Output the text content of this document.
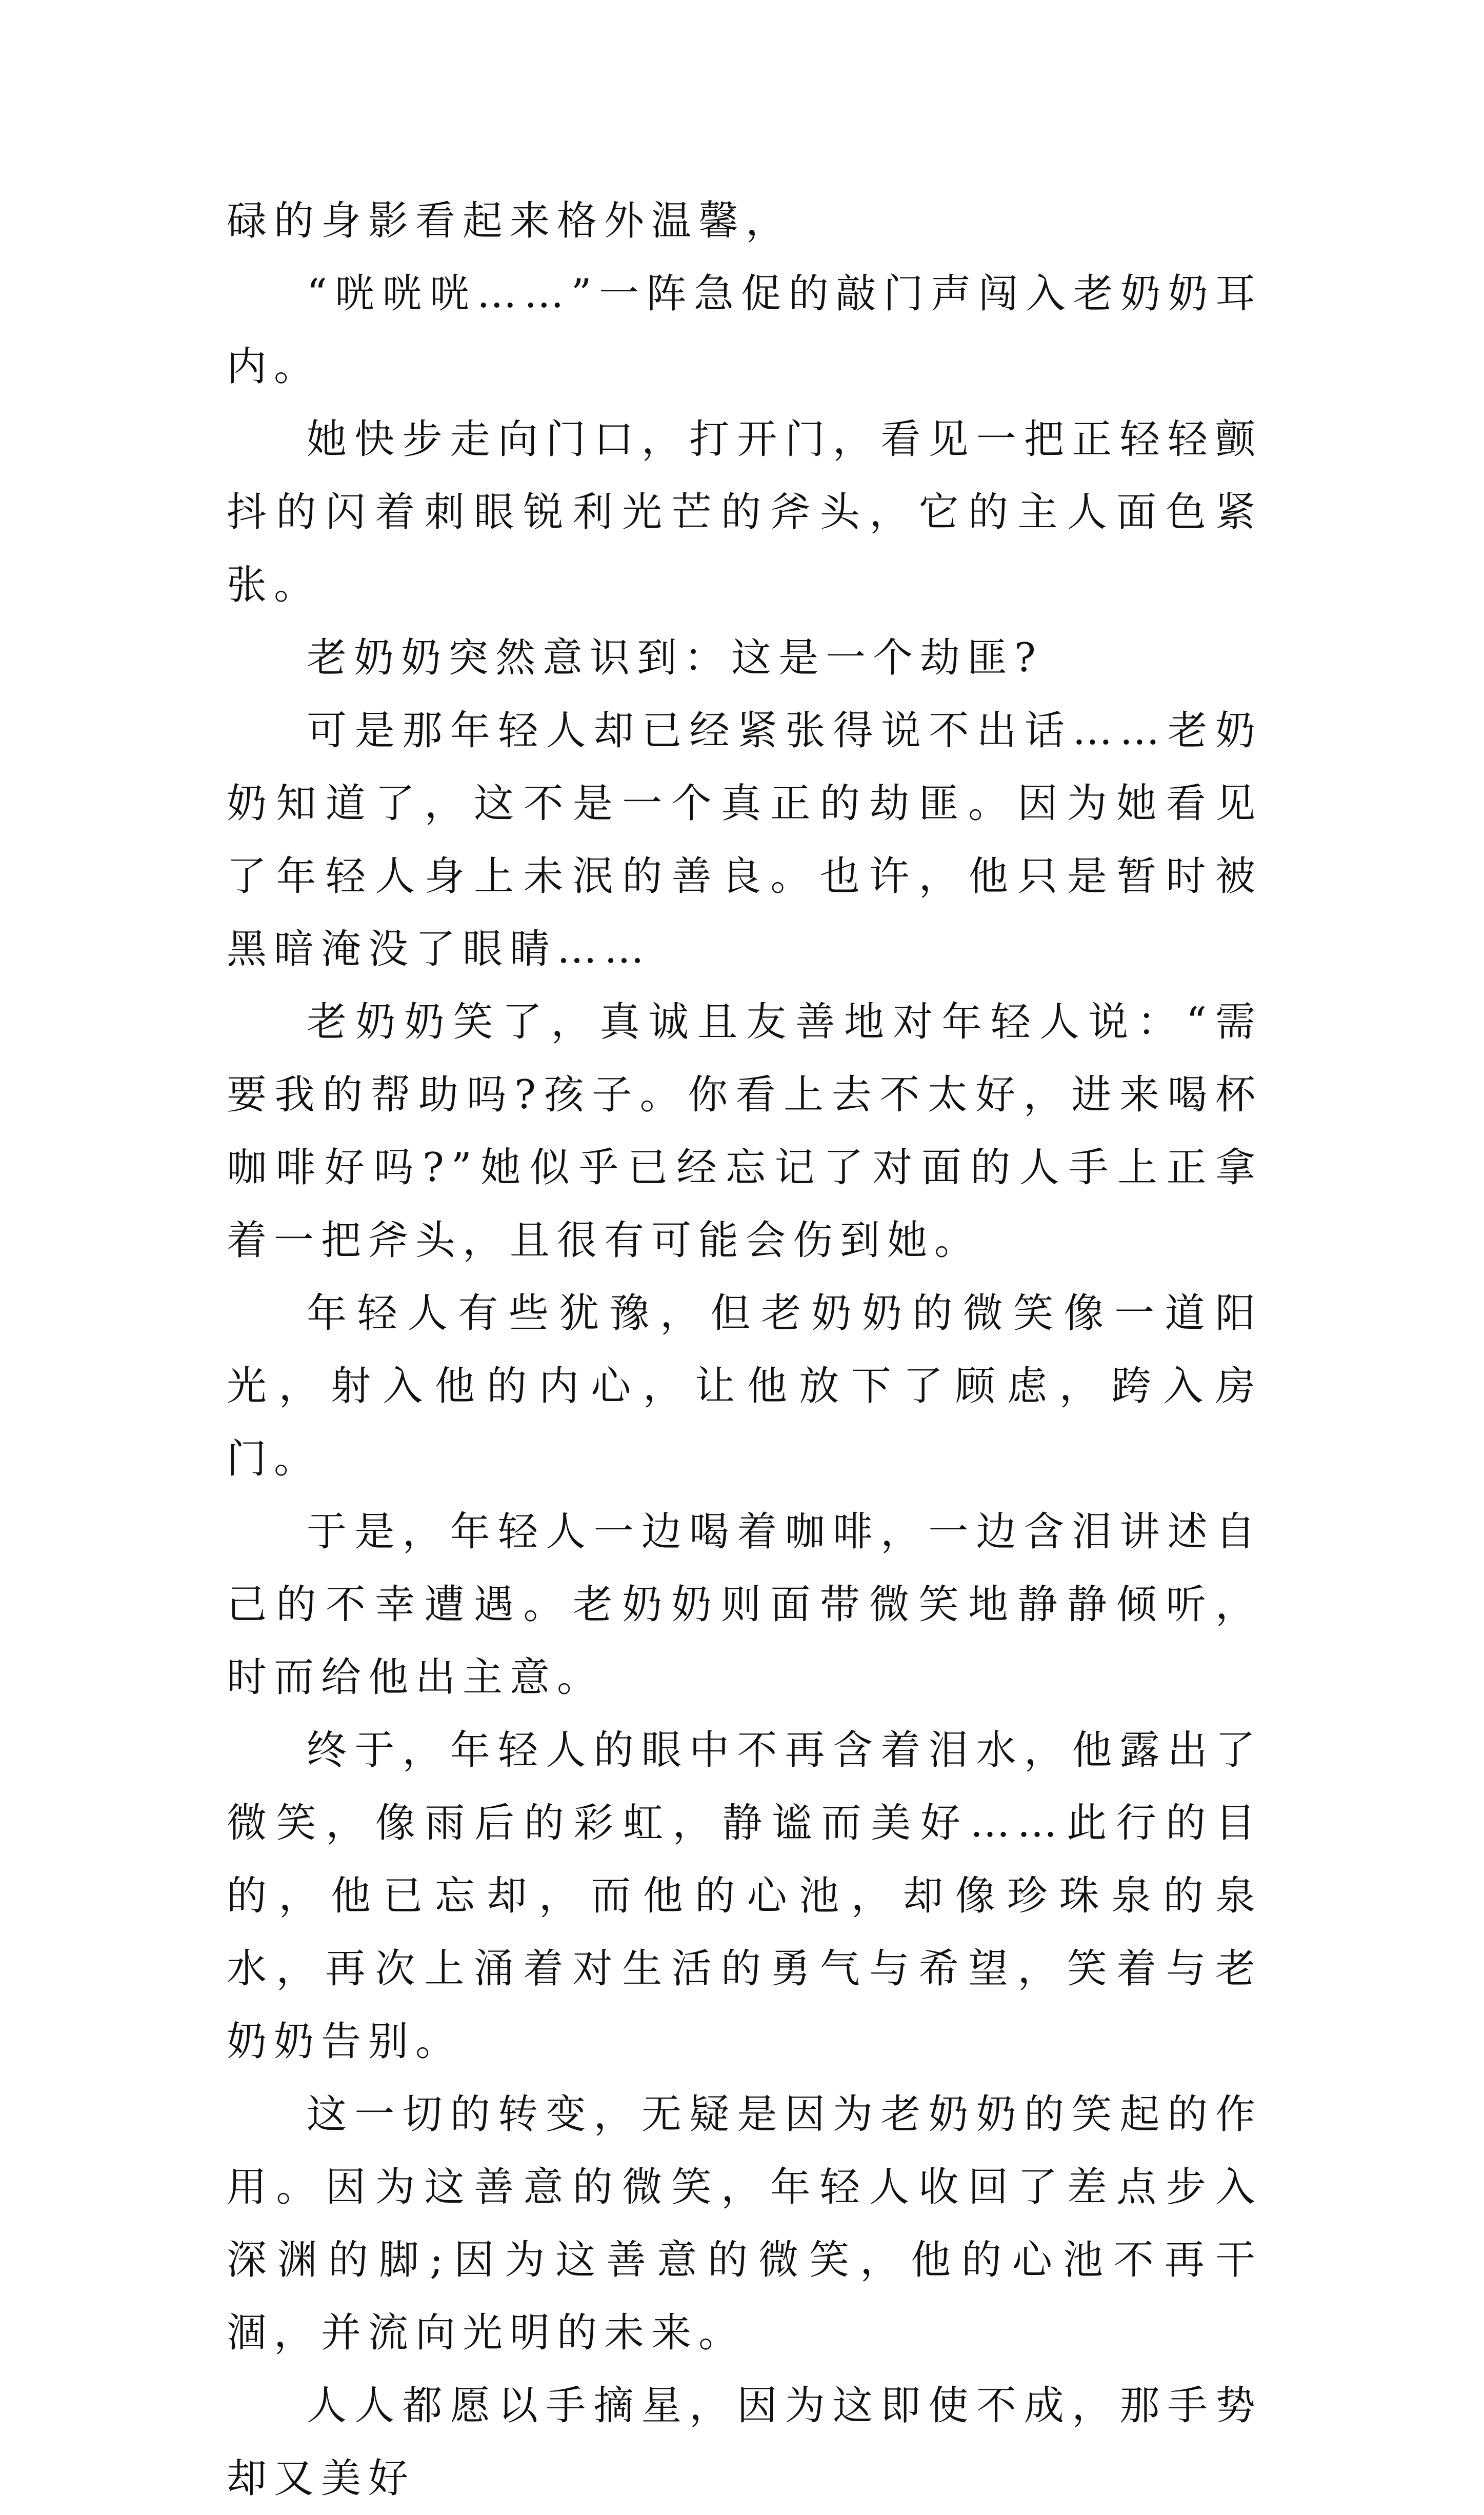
碌的身影看起来格外温馨，

“咣咣咣……”一阵急促的敲门声闯入老奶奶耳内。

她快步走向门口，打开门，看见一把正轻轻颤抖的闪着刺眼锐利光芒的斧头，它的主人面色紧张。

老奶奶突然意识到：这是一个劫匪?

可是那年轻人却已经紧张得说不出话……老奶奶知道了，这不是一个真正的劫匪。因为她看见了年轻人身上未泯的善良。也许，他只是暂时被黑暗淹没了眼睛……

老奶奶笑了，真诚且友善地对年轻人说：“需要我的帮助吗?孩子。你看上去不太好，进来喝杯咖啡好吗?”她似乎已经忘记了对面的人手上正拿着一把斧头，且很有可能会伤到她。

年轻人有些犹豫，但老奶奶的微笑像一道阳光，射入他的内心，让他放下了顾虑，跨入房门。

于是，年轻人一边喝着咖啡，一边含泪讲述自己的不幸遭遇。老奶奶则面带微笑地静静倾听，时而给他出主意。

终于，年轻人的眼中不再含着泪水，他露出了微笑，像雨后的彩虹，静谧而美好……此行的目的，他已忘却，而他的心池，却像珍珠泉的泉水，再次上涌着对生活的勇气与希望，笑着与老奶奶告别。

这一切的转变，无疑是因为老奶奶的笑起的作用。因为这善意的微笑，年轻人收回了差点步入深渊的脚;因为这善意的微笑，他的心池不再干涸，并流向光明的未来。

人人都愿以手摘星，因为这即使不成，那手势却又美好
